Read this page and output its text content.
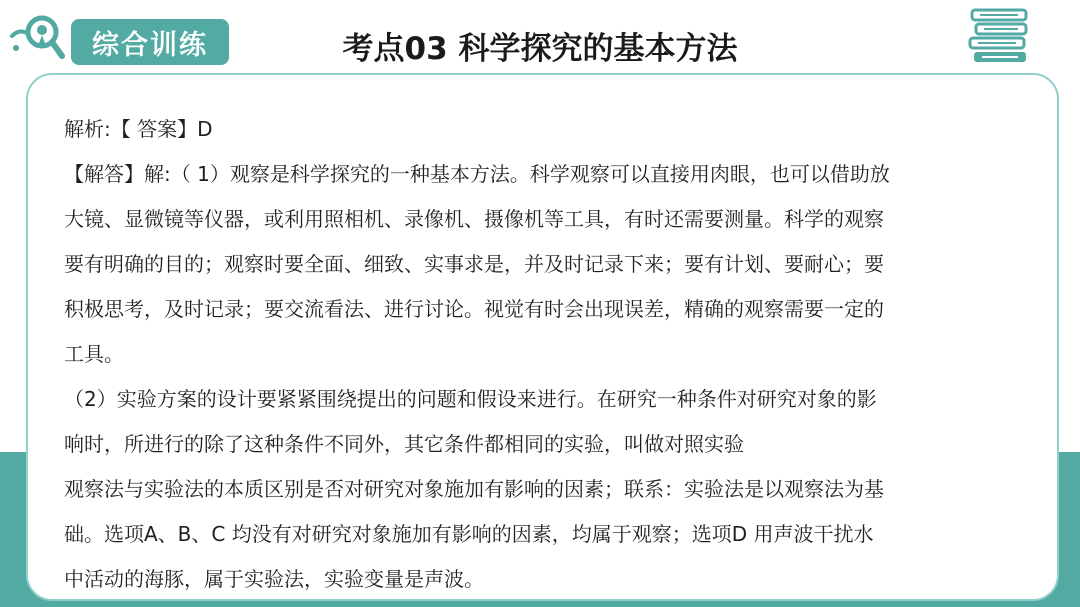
综合训练	考点03 科学探究的基本方法
解析:【 答案】D
【解答】解:（ 1）观察是科学探究的一种基本方法。科学观察可以直接用肉眼，也可以借助放
大镜、显微镜等仪器，或利用照相机、录像机、摄像机等工具，有时还需要测量。科学的观察
要有明确的目的；观察时要全面、细致、实事求是，并及时记录下来；要有计划、要耐心；要
积极思考，及时记录；要交流看法、进行讨论。视觉有时会出现误差，精确的观察需要一定的
工具。
（2）实验方案的设计要紧紧围绕提出的问题和假设来进行。在研究一种条件对研究对象的影
响时，所进行的除了这种条件不同外，其它条件都相同的实验，叫做对照实验
观察法与实验法的本质区别是否对研究对象施加有影响的因素；联系：实验法是以观察法为基
础。选项A、B、C 均没有对研究对象施加有影响的因素，均属于观察；选项D 用声波干扰水
中活动的海豚，属于实验法，实验变量是声波。
